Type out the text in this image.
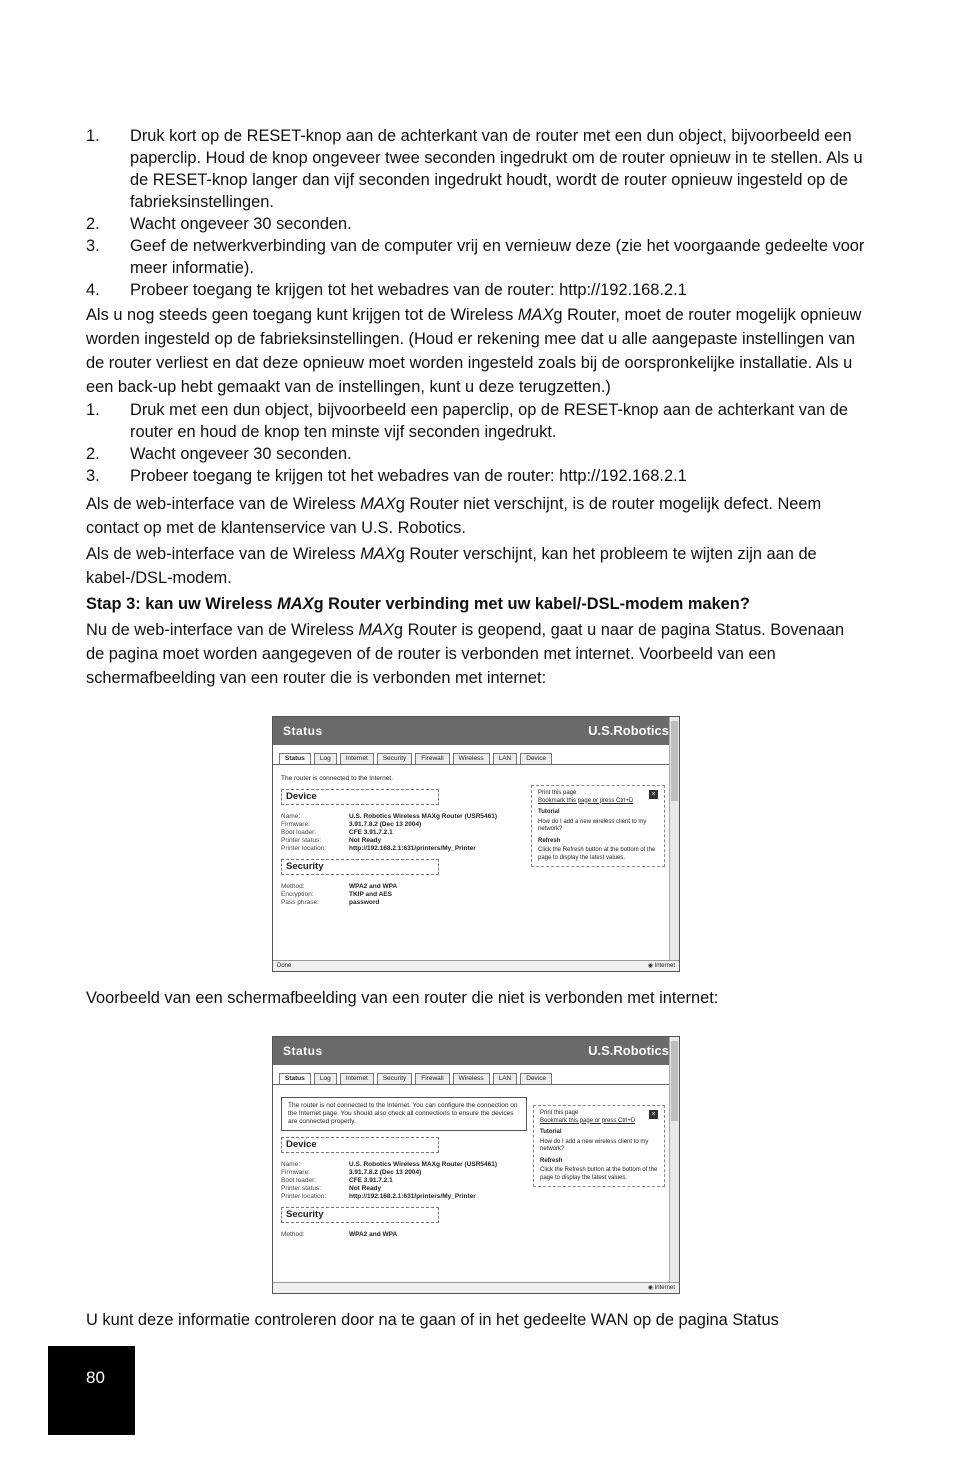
1.	Druk kort op de RESET-knop aan de achterkant van de router met een dun object, bijvoorbeeld een paperclip. Houd de knop ongeveer twee seconden ingedrukt om de router opnieuw in te stellen. Als u de RESET-knop langer dan vijf seconden ingedrukt houdt, wordt de router opnieuw ingesteld op de fabrieksinstellingen.
2.	Wacht ongeveer 30 seconden.
3.	Geef de netwerkverbinding van de computer vrij en vernieuw deze (zie het voorgaande gedeelte voor meer informatie).
4.	Probeer toegang te krijgen tot het webadres van de router: http://192.168.2.1

Als u nog steeds geen toegang kunt krijgen tot de Wireless MAXg Router, moet de router mogelijk opnieuw worden ingesteld op de fabrieksinstellingen. (Houd er rekening mee dat u alle aangepaste instellingen van de router verliest en dat deze opnieuw moet worden ingesteld zoals bij de oorspronkelijke installatie. Als u een back-up hebt gemaakt van de instellingen, kunt u deze terugzetten.)

1.	Druk met een dun object, bijvoorbeeld een paperclip, op de RESET-knop aan de achterkant van de router en houd de knop ten minste vijf seconden ingedrukt.
2.	Wacht ongeveer 30 seconden.
3.	Probeer toegang te krijgen tot het webadres van de router: http://192.168.2.1

Als de web-interface van de Wireless MAXg Router niet verschijnt, is de router mogelijk defect. Neem contact op met de klantenservice van U.S. Robotics.

Als de web-interface van de Wireless MAXg Router verschijnt, kan het probleem te wijten zijn aan de kabel-/DSL-modem.

Stap 3: kan uw Wireless MAXg Router verbinding met uw kabel/-DSL-modem maken?

Nu de web-interface van de Wireless MAXg Router is geopend, gaat u naar de pagina Status. Bovenaan de pagina moet worden aangegeven of de router is verbonden met internet. Voorbeeld van een schermafbeelding van een router die is verbonden met internet:

Status	U.S.Robotics
Status	Log	Internet	Security	Firewall	Wireless	LAN	Device
The router is connected to the Internet.
Device
Name:	U.S. Robotics Wireless MAXg Router (USR5461)
Firmware:	3.91.7.8.2 (Dec 13 2004)
Boot loader:	CFE 3.91.7.2.1
Printer status:	Not Ready
Printer location:	http://192.168.2.1:631/printers/My_Printer
Security
Method:	WPA2 and WPA
Encryption:	TKIP and AES
Pass phrase:	password
×
Print this page
Bookmark this page or press Ctrl+D
Tutorial
How do I add a new wireless client to my network?
Refresh
Click the Refresh button at the bottom of the page to display the latest values.
Done	◉ Internet

Voorbeeld van een schermafbeelding van een router die niet is verbonden met internet:

Status	U.S.Robotics
Status	Log	Internet	Security	Firewall	Wireless	LAN	Device
The router is not connected to the Internet. You can configure the connection on the Internet page. You should also check all connections to ensure the devices are connected properly.
Device
Name:	U.S. Robotics Wireless MAXg Router (USR5461)
Firmware:	3.91.7.8.2 (Dec 13 2004)
Boot loader:	CFE 3.91.7.2.1
Printer status:	Not Ready
Printer location:	http://192.168.2.1:631/printers/My_Printer
Security
Method:	WPA2 and WPA
×
Print this page
Bookmark this page or press Ctrl+D
Tutorial
How do I add a new wireless client to my network?
Refresh
Click the Refresh button at the bottom of the page to display the latest values.
◉ Internet

U kunt deze informatie controleren door na te gaan of in het gedeelte WAN op de pagina Status

80
